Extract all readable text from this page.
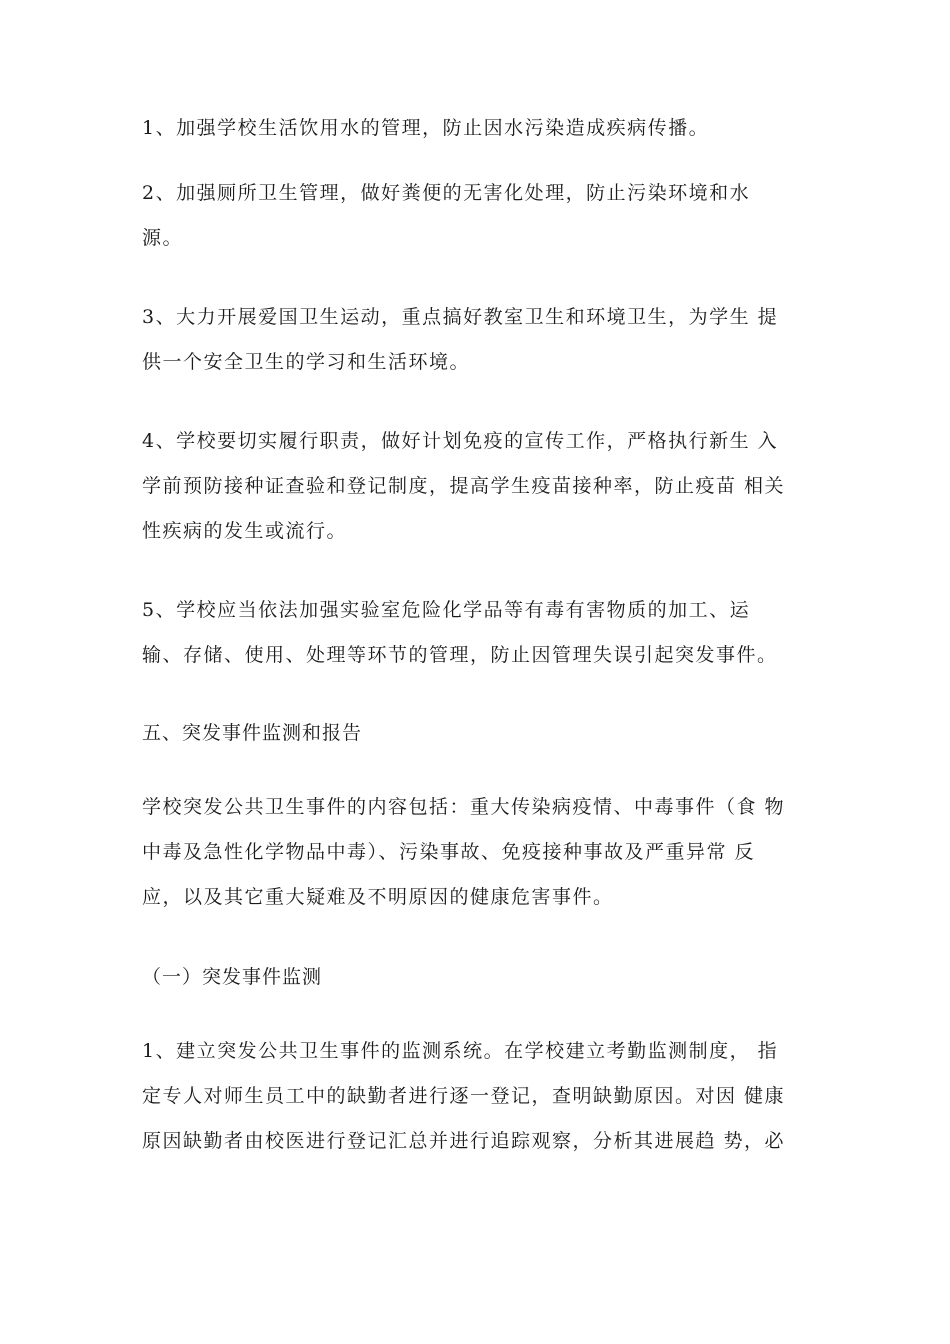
1、加强学校生活饮用水的管理，防止因水污染造成疾病传播。

2、加强厕所卫生管理，做好粪便的无害化处理，防止污染环境和水
源。

3、大力开展爱国卫生运动，重点搞好教室卫生和环境卫生，为学生 提
供一个安全卫生的学习和生活环境。

4、学校要切实履行职责，做好计划免疫的宣传工作，严格执行新生 入
学前预防接种证查验和登记制度，提高学生疫苗接种率，防止疫苗 相关
性疾病的发生或流行。

5、学校应当依法加强实验室危险化学品等有毒有害物质的加工、运
输、存储、使用、处理等环节的管理，防止因管理失误引起突发事件。

五、突发事件监测和报告

学校突发公共卫生事件的内容包括：重大传染病疫情、中毒事件（食 物
中毒及急性化学物品中毒）、污染事故、免疫接种事故及严重异常 反
应，以及其它重大疑难及不明原因的健康危害事件。

（一）突发事件监测

1、建立突发公共卫生事件的监测系统。在学校建立考勤监测制度， 指
定专人对师生员工中的缺勤者进行逐一登记，查明缺勤原因。对因 健康
原因缺勤者由校医进行登记汇总并进行追踪观察，分析其进展趋 势，必
